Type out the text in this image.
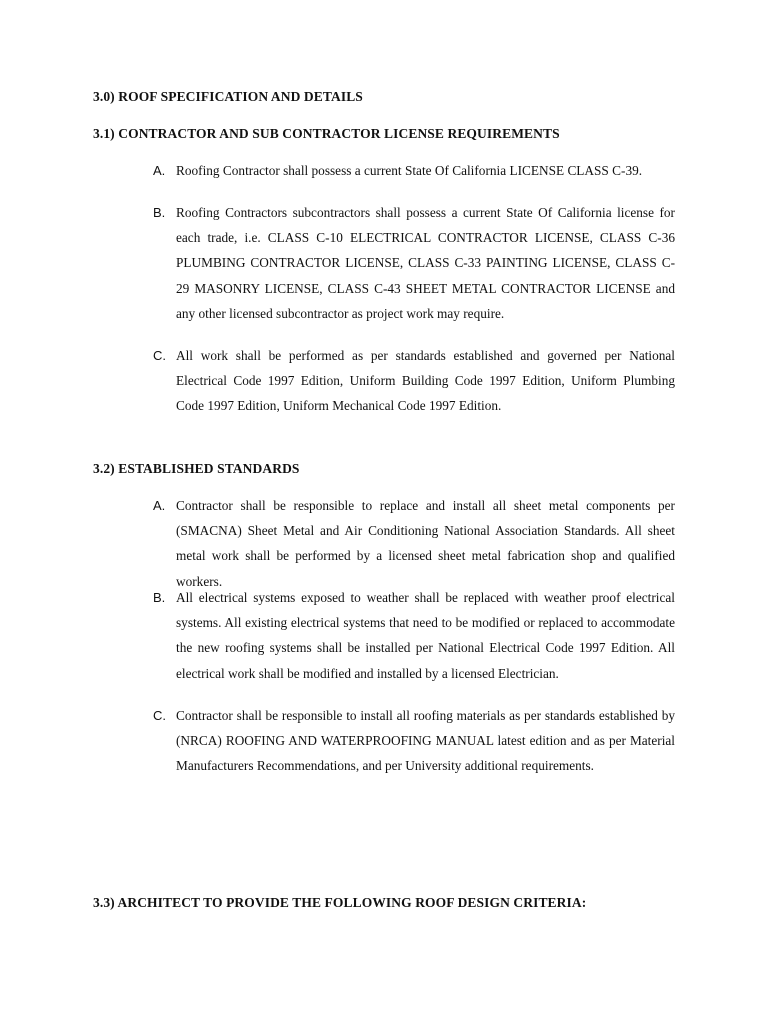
3.0) ROOF SPECIFICATION AND DETAILS
3.1) CONTRACTOR AND SUB CONTRACTOR LICENSE REQUIREMENTS
A. Roofing Contractor shall possess a current State Of California LICENSE CLASS C-39.
B. Roofing Contractors subcontractors shall possess a current State Of California license for each trade, i.e. CLASS C-10 ELECTRICAL CONTRACTOR LICENSE, CLASS C-36 PLUMBING CONTRACTOR LICENSE, CLASS C-33 PAINTING LICENSE, CLASS C-29 MASONRY LICENSE, CLASS C-43 SHEET METAL CONTRACTOR LICENSE and any other licensed subcontractor as project work may require.
C. All work shall be performed as per standards established and governed per National Electrical Code 1997 Edition, Uniform Building Code 1997 Edition, Uniform Plumbing Code 1997 Edition, Uniform Mechanical Code 1997 Edition.
3.2) ESTABLISHED STANDARDS
A. Contractor shall be responsible to replace and install all sheet metal components per (SMACNA) Sheet Metal and Air Conditioning National Association Standards. All sheet metal work shall be performed by a licensed sheet metal fabrication shop and qualified workers.
B. All electrical systems exposed to weather shall be replaced with weather proof electrical systems. All existing electrical systems that need to be modified or replaced to accommodate the new roofing systems shall be installed per National Electrical Code 1997 Edition. All electrical work shall be modified and installed by a licensed Electrician.
C. Contractor shall be responsible to install all roofing materials as per standards established by (NRCA) ROOFING AND WATERPROOFING MANUAL latest edition and as per Material Manufacturers Recommendations, and per University additional requirements.
3.3) ARCHITECT TO PROVIDE THE FOLLOWING ROOF DESIGN CRITERIA:
